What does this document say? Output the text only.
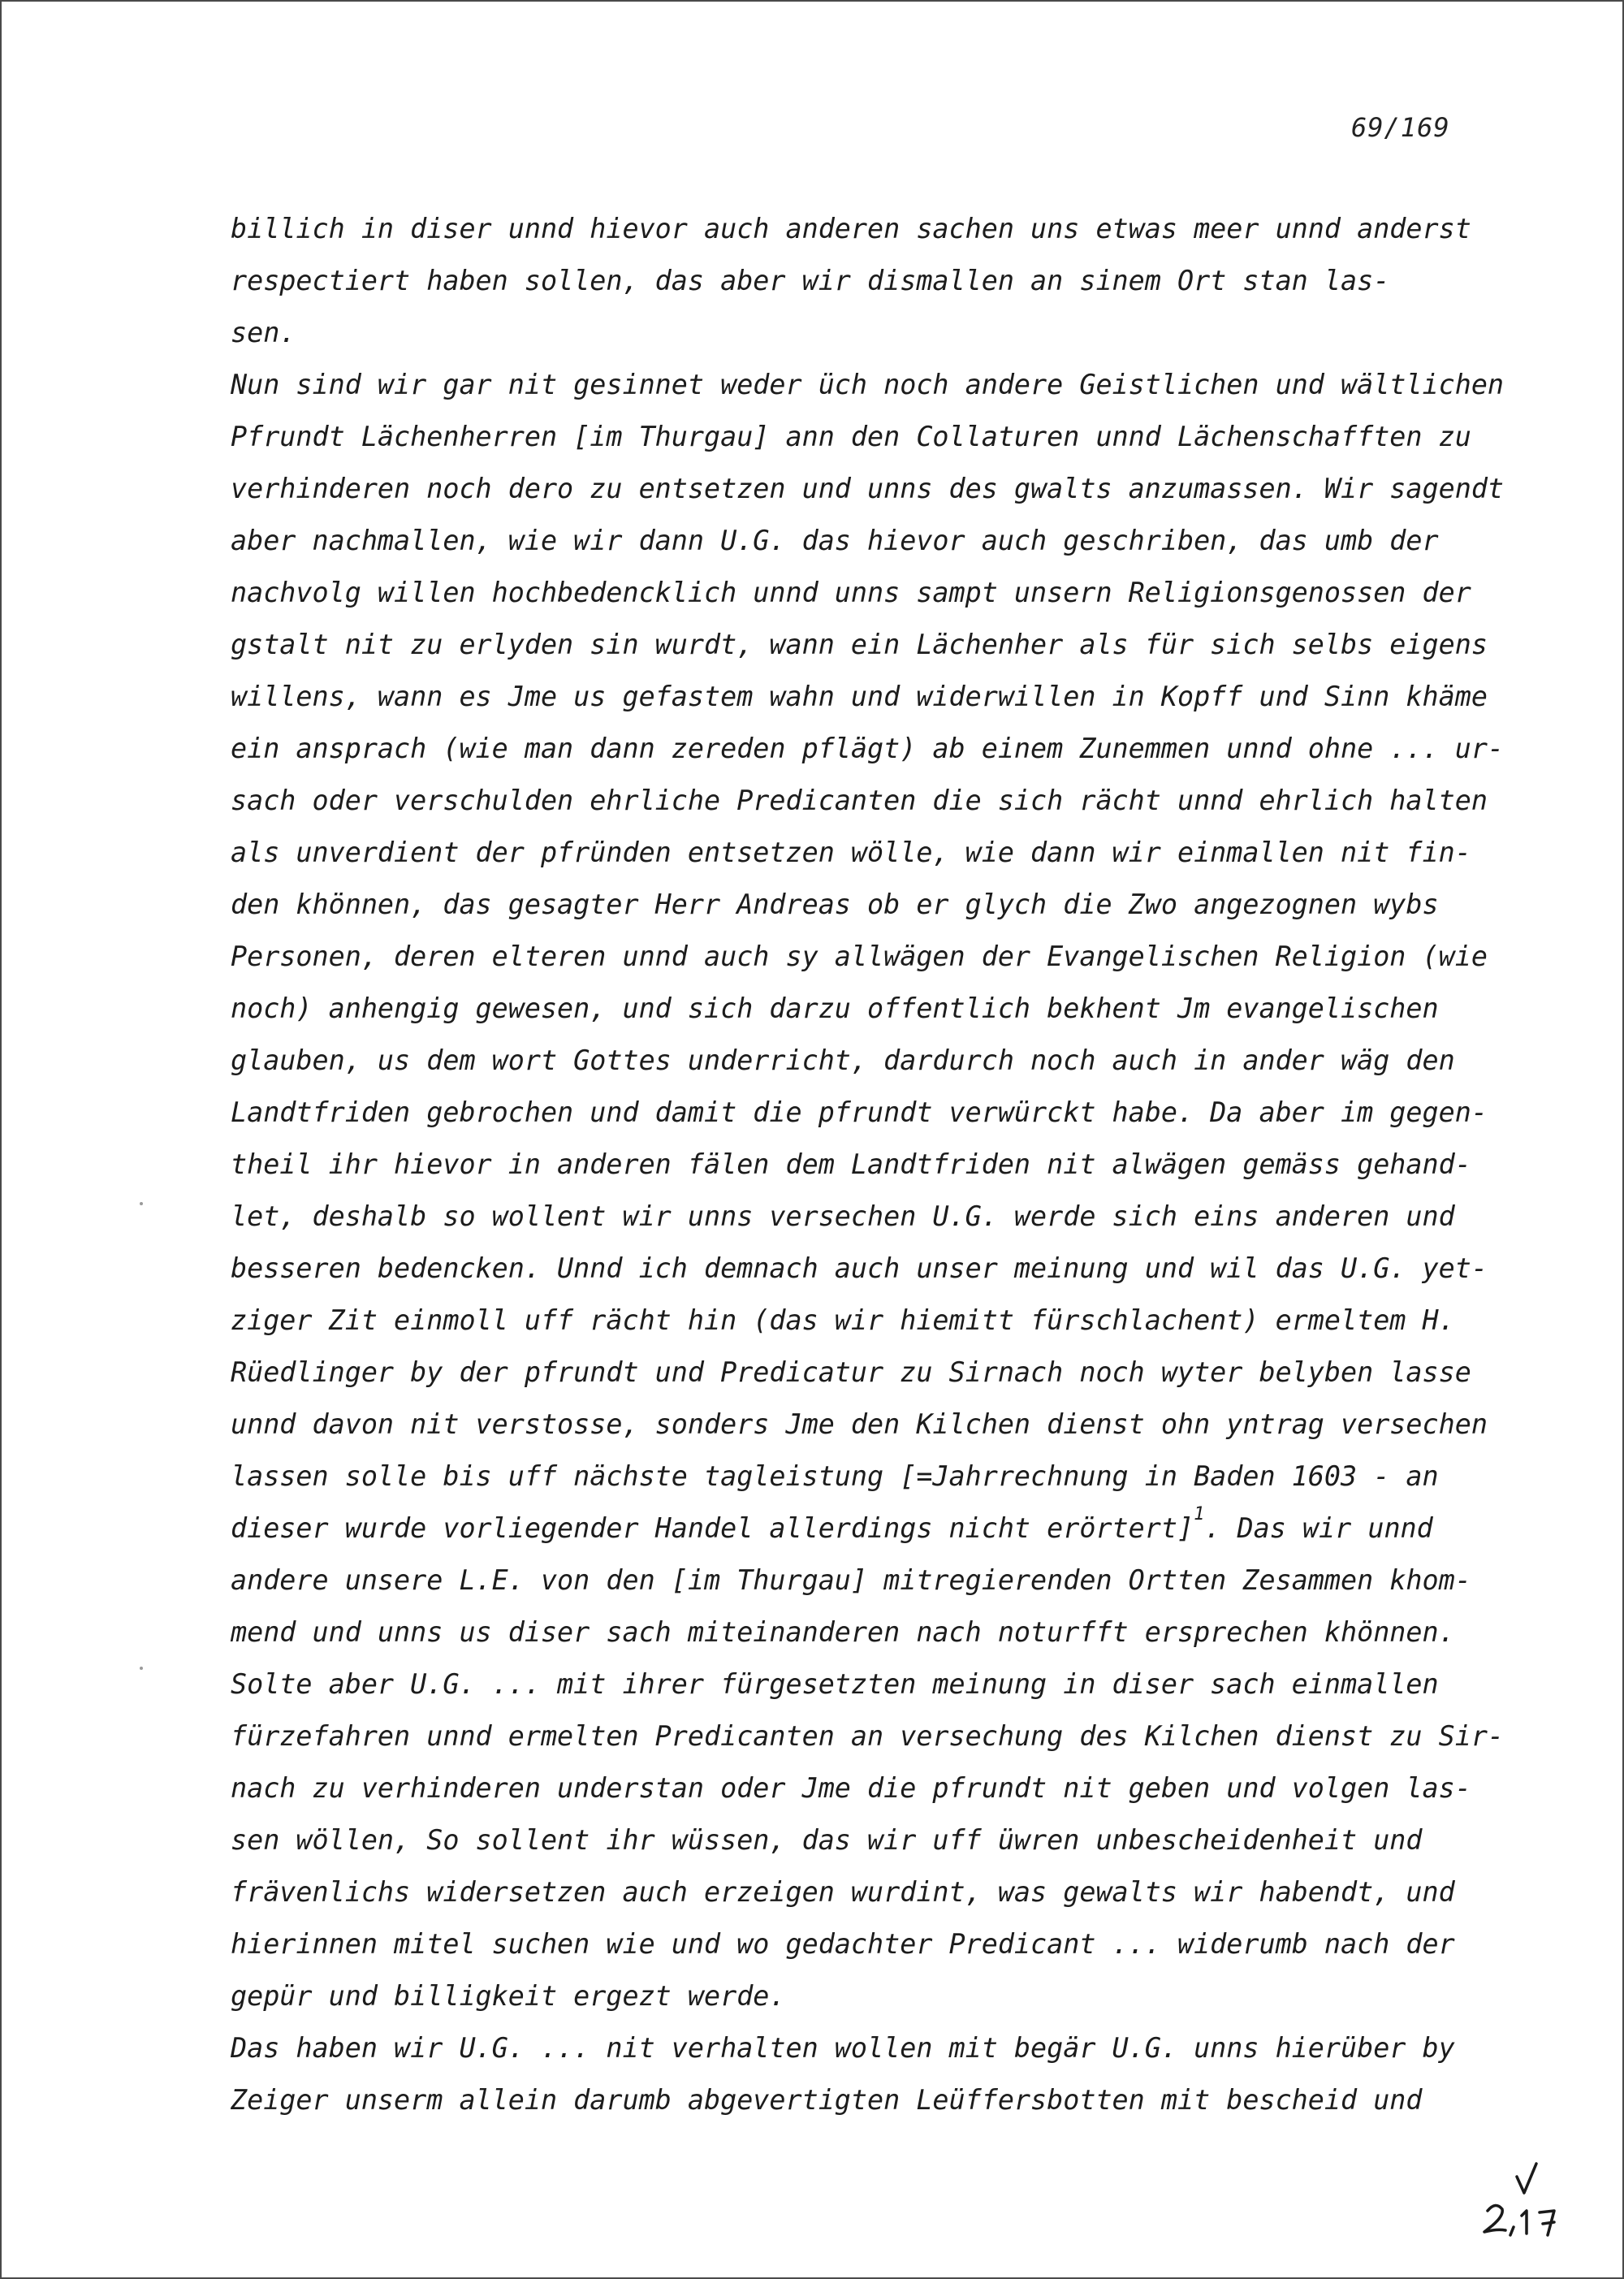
69/169
billich in diser unnd hievor auch anderen sachen uns etwas meer unnd anderst
respectiert haben sollen, das aber wir dismallen an sinem Ort stan las-
sen.
Nun sind wir gar nit gesinnet weder üch noch andere Geistlichen und wältlichen
Pfrundt Lächenherren [im Thurgau] ann den Collaturen unnd Lächenschafften zu
verhinderen noch dero zu entsetzen und unns des gwalts anzumassen. Wir sagendt
aber nachmallen, wie wir dann U.G. das hievor auch geschriben, das umb der
nachvolg willen hochbedencklich unnd unns sampt unsern Religionsgenossen der
gstalt nit zu erlyden sin wurdt, wann ein Lächenher als für sich selbs eigens
willens, wann es Jme us gefastem wahn und widerwillen in Kopff und Sinn khäme
ein ansprach (wie man dann zereden pflägt) ab einem Zunemmen unnd ohne ... ur-
sach oder verschulden ehrliche Predicanten die sich rächt unnd ehrlich halten
als unverdient der pfründen entsetzen wölle, wie dann wir einmallen nit fin-
den khönnen, das gesagter Herr Andreas ob er glych die Zwo angezognen wybs
Personen, deren elteren unnd auch sy allwägen der Evangelischen Religion (wie
noch) anhengig gewesen, und sich darzu offentlich bekhent Jm evangelischen
glauben, us dem wort Gottes underricht, dardurch noch auch in ander wäg den
Landtfriden gebrochen und damit die pfrundt verwürckt habe. Da aber im gegen-
theil ihr hievor in anderen fälen dem Landtfriden nit alwägen gemäss gehand-
let, deshalb so wollent wir unns versechen U.G. werde sich eins anderen und
besseren bedencken. Unnd ich demnach auch unser meinung und wil das U.G. yet-
ziger Zit einmoll uff rächt hin (das wir hiemitt fürschlachent) ermeltem H.
Rüedlinger by der pfrundt und Predicatur zu Sirnach noch wyter belyben lasse
unnd davon nit verstosse, sonders Jme den Kilchen dienst ohn yntrag versechen
lassen solle bis uff nächste tagleistung [=Jahrrechnung in Baden 1603 - an
dieser wurde vorliegender Handel allerdings nicht erörtert]$^1$. Das wir unnd
andere unsere L.E. von den [im Thurgau] mitregierenden Ortten Zesammen khom-
mend und unns us diser sach miteinanderen nach noturfft ersprechen khönnen.
Solte aber U.G. ... mit ihrer fürgesetzten meinung in diser sach einmallen
fürzefahren unnd ermelten Predicanten an versechung des Kilchen dienst zu Sir-
nach zu verhinderen understan oder Jme die pfrundt nit geben und volgen las-
sen wöllen, So sollent ihr wüssen, das wir uff üwren unbescheidenheit und
frävenlichs widersetzen auch erzeigen wurdint, was gewalts wir habendt, und
hierinnen mitel suchen wie und wo gedachter Predicant ... widerumb nach der
gepür und billigkeit ergezt werde.
Das haben wir U.G. ... nit verhalten wollen mit begär U.G. unns hierüber by
Zeiger unserm allein darumb abgevertigten Leüffersbotten mit bescheid und
